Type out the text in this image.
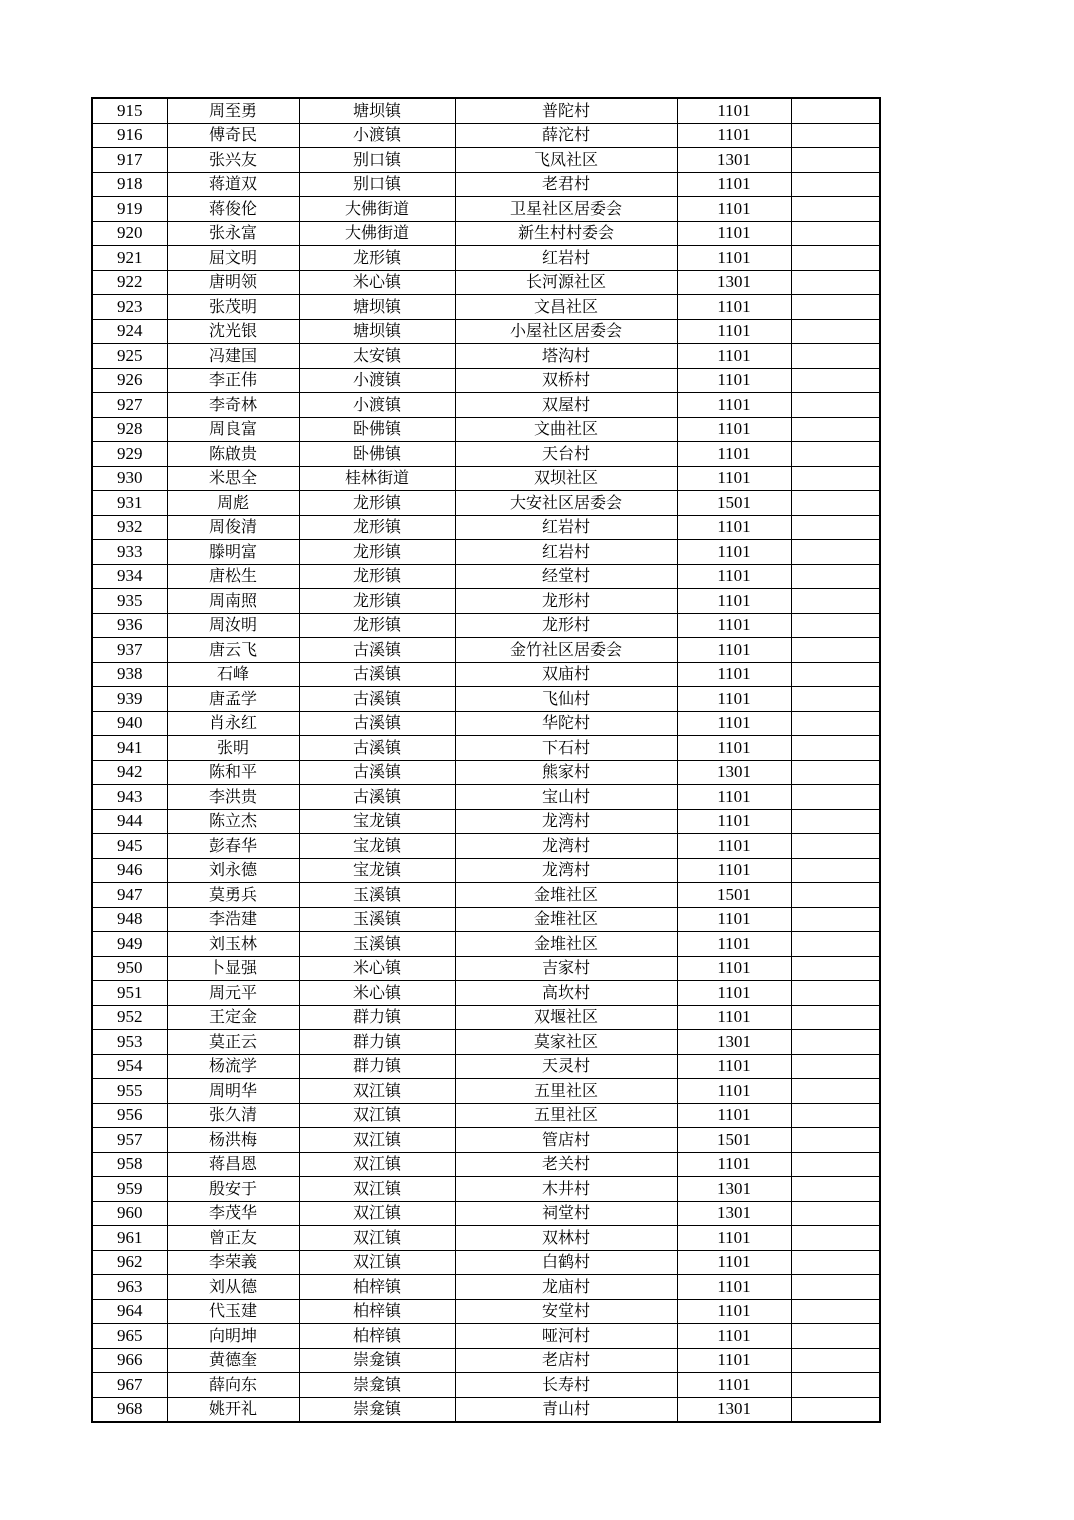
915	周至勇	塘坝镇	普陀村	1101	
916	傅奇民	小渡镇	薛沱村	1101	
917	张兴友	别口镇	飞凤社区	1301	
918	蒋道双	别口镇	老君村	1101	
919	蒋俊伦	大佛街道	卫星社区居委会	1101	
920	张永富	大佛街道	新生村村委会	1101	
921	屈文明	龙形镇	红岩村	1101	
922	唐明领	米心镇	长河源社区	1301	
923	张茂明	塘坝镇	文昌社区	1101	
924	沈光银	塘坝镇	小屋社区居委会	1101	
925	冯建国	太安镇	塔沟村	1101	
926	李正伟	小渡镇	双桥村	1101	
927	李奇林	小渡镇	双屋村	1101	
928	周良富	卧佛镇	文曲社区	1101	
929	陈啟贵	卧佛镇	天台村	1101	
930	米思全	桂林街道	双坝社区	1101	
931	周彪	龙形镇	大安社区居委会	1501	
932	周俊清	龙形镇	红岩村	1101	
933	滕明富	龙形镇	红岩村	1101	
934	唐松生	龙形镇	经堂村	1101	
935	周南照	龙形镇	龙形村	1101	
936	周汝明	龙形镇	龙形村	1101	
937	唐云飞	古溪镇	金竹社区居委会	1101	
938	石峰	古溪镇	双庙村	1101	
939	唐孟学	古溪镇	飞仙村	1101	
940	肖永红	古溪镇	华陀村	1101	
941	张明	古溪镇	下石村	1101	
942	陈和平	古溪镇	熊家村	1301	
943	李洪贵	古溪镇	宝山村	1101	
944	陈立杰	宝龙镇	龙湾村	1101	
945	彭春华	宝龙镇	龙湾村	1101	
946	刘永德	宝龙镇	龙湾村	1101	
947	莫勇兵	玉溪镇	金堆社区	1501	
948	李浩建	玉溪镇	金堆社区	1101	
949	刘玉林	玉溪镇	金堆社区	1101	
950	卜显强	米心镇	吉家村	1101	
951	周元平	米心镇	高坎村	1101	
952	王定金	群力镇	双堰社区	1101	
953	莫正云	群力镇	莫家社区	1301	
954	杨流学	群力镇	天灵村	1101	
955	周明华	双江镇	五里社区	1101	
956	张久清	双江镇	五里社区	1101	
957	杨洪梅	双江镇	管店村	1501	
958	蒋昌恩	双江镇	老关村	1101	
959	殷安于	双江镇	木井村	1301	
960	李茂华	双江镇	祠堂村	1301	
961	曾正友	双江镇	双林村	1101	
962	李荣義	双江镇	白鹤村	1101	
963	刘从德	柏梓镇	龙庙村	1101	
964	代玉建	柏梓镇	安堂村	1101	
965	向明坤	柏梓镇	哑河村	1101	
966	黄德奎	崇龛镇	老店村	1101	
967	薛向东	崇龛镇	长寿村	1101	
968	姚开礼	崇龛镇	青山村	1301	
